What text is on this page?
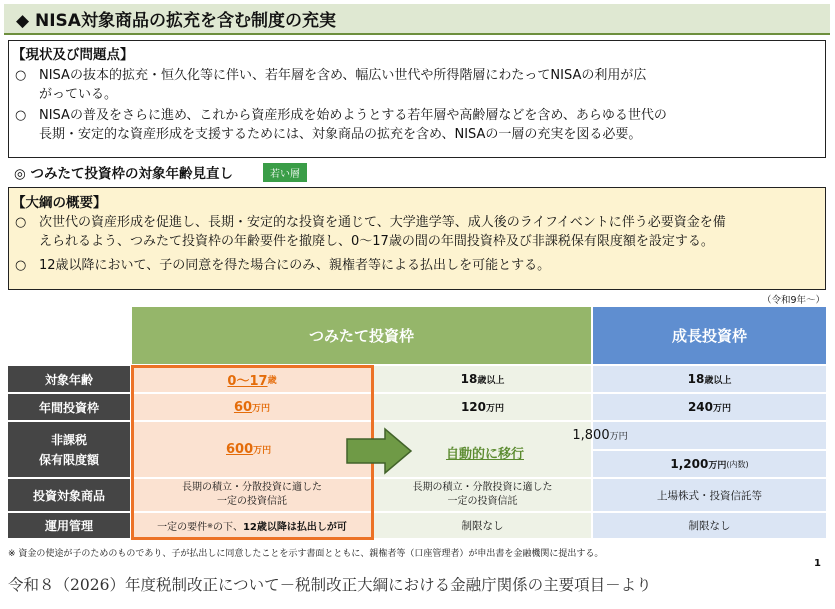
◆ NISA対象商品の拡充を含む制度の充実
【現状及び問題点】
○ NISAの抜本的拡充・恒久化等に伴い、若年層を含め、幅広い世代や所得階層にわたってNISAの利用が広
がっている。
○ NISAの普及をさらに進め、これから資産形成を始めようとする若年層や高齢層などを含め、あらゆる世代の
長期・安定的な資産形成を支援するためには、対象商品の拡充を含め、NISAの一層の充実を図る必要。
◎ つみたて投資枠の対象年齢見直し	若い層
【大綱の概要】
○ 次世代の資産形成を促進し、長期・安定的な投資を通じて、大学進学等、成人後のライフイベントに伴う必要資金を備
えられるよう、つみたて投資枠の年齢要件を撤廃し、0～17歳の間の年間投資枠及び非課税保有限度額を設定する。
○ 12歳以降において、子の同意を得た場合にのみ、親権者等による払出しを可能とする。
（令和9年～）
つみたて投資枠	成長投資枠
対象年齢
年間投資枠
非課税
保有限度額
投資対象商品
運用管理
0～17 歳
60 万円
600 万円
長期の積立・分散投資に適した
一定の投資信託
一定の要件 ※ の下、 12歳以降は払出しが可
18 歳以上
120 万円
長期の積立・分散投資に適した
一定の投資信託
制限なし
18 歳以上
240 万円
1,200 万円 (内数)
上場株式・投資信託等
制限なし
1,800 万円
自動的に移行
※ 資金の使途が子のためのものであり、子が払出しに同意したことを示す書面とともに、親権者等（口座管理者）が申出書を金融機関に提出する。
1
令和８（2026）年度税制改正について－税制改正大綱における金融庁関係の主要項目－より
